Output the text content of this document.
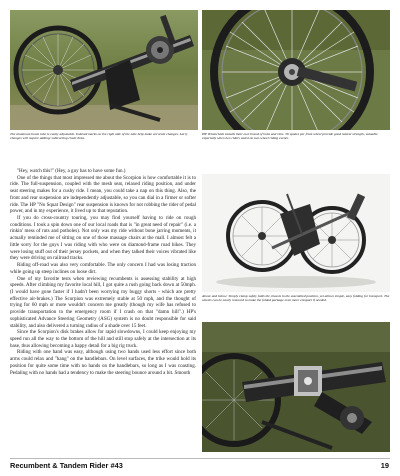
The aluminum boom tube is easily adjustable. Indexed marks on the right side of the tube help make accurate changes. Larry changes will require adding/ subtracting chain links.
HP Velotechnik installs their own brand of hubs and rims. 36 spokes per front wheel provide good lateral strength, valuable especially when two riders assist on two-wheel riding events.
Above and below: Simply clamp safely folds the chassis in the assembled position, yet allows simple, easy folding for transport. The wheels can be easily removed to make the folded package even more compact if needed.

"Hey, watch this!" (Hey, a guy has to have some fun.)

One of the things that most impressed me about the Scorpion is how comfortable it is to ride. The full-suspension, coupled with the mesh seat, relaxed riding position, and under seat steering makes for a cushy ride. I mean, you could take a nap on this thing. Also, the front and rear suspension are independently adjustable, so you can dial in a firmer or softer ride. The HP "No Squat Design" rear suspension is known for not robbing the rider of pedal power, and in my experience, it lived up to that reputation.

If you do cross-country touring, you may find yourself having to ride on rough conditions. I took a spin down one of our local roads that is "in great need of repair" (i.e. a rinkin' mess of ruts and potholes). Not only was my ride without bone jarring moments, it actually reminded me of sitting on one of those massage chairs at the mall. I almost felt a little sorry for the guys I was riding with who were on diamond-frame road bikes. They were losing stuff out of their jersey pockets, and when they talked their voices vibrated like they were driving on railroad tracks.

Riding off-road was also very comfortable. The only concern I had was losing traction while going up steep inclines on loose dirt.

One of my favorite tests when reviewing recumbents is assessing stability at high speeds. After climbing my favorite local hill, I got quite a rush going back down at 50mph. (I would have gone faster if I hadn't been worrying my buggy shorts - which are pretty effective air-brakes.) The Scorpion was extremely stable at 50 mph, and the thought of trying for 60 mph or more wouldn't concern me greatly (though my wife has refused to provide transportation to the emergency room if I crash on that "damn hill".) HP's sophisticated Advance Steering Geometry (ASG) system is no doubt responsible for said stability, and also delivered a turning radius of a shade over 15 feet.

Since the Scorpion's disk brakes allow for rapid slowdowns, I could keep enjoying my speed run all the way to the bottom of the hill and still stop safely at the intersection at its base, thus allowing becoming a happy detail for a big rig truck.

Riding with one hand was easy, although using two hands used less effort since both arms could relax and "hang" on the handlebars. On level surfaces, the trike would hold its position for quite some time with no hands on the handlebars, so long as I was coasting. Pedaling with no hands had a tendency to make the steering bounce around a bit. Smooth

Recumbent & Tandem Rider #43	19
